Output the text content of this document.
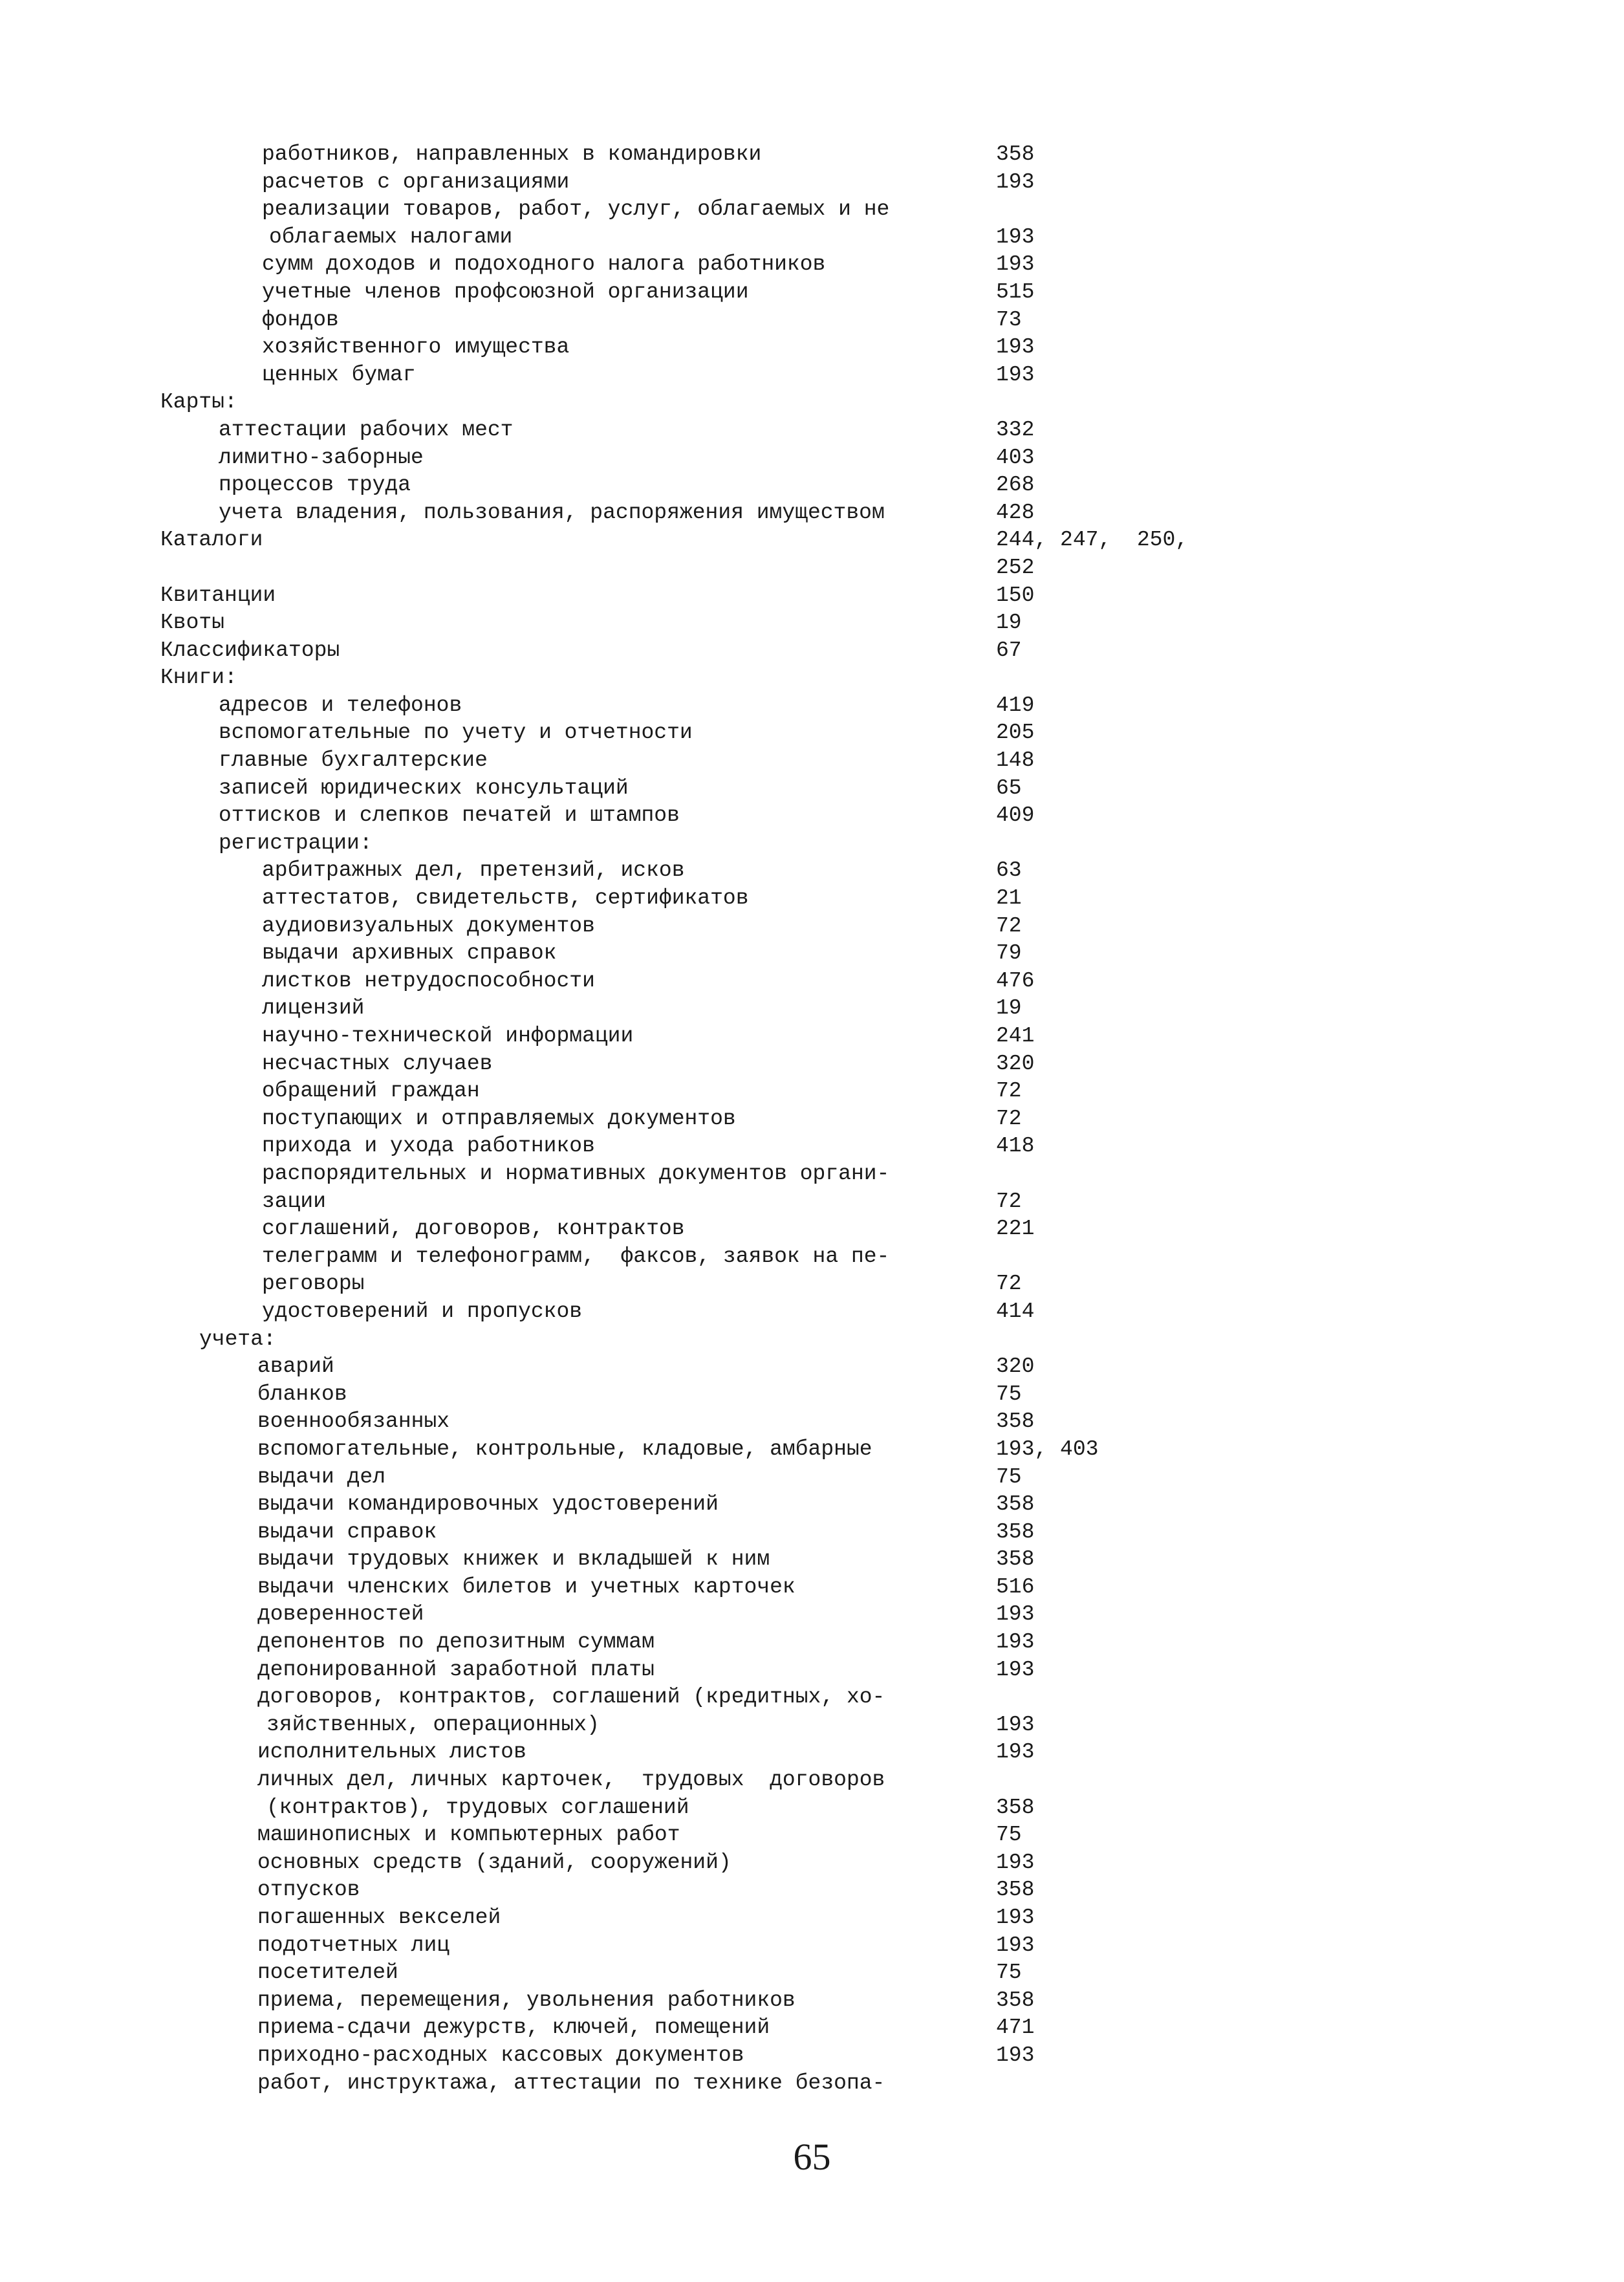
работников, направленных в командировки	358
расчетов с организациями	193
реализации товаров, работ, услуг, облагаемых и не
облагаемых налогами	193
сумм доходов и подоходного налога работников	193
учетные членов профсоюзной организации	515
фондов	73
хозяйственного имущества	193
ценных бумаг	193
Карты:
аттестации рабочих мест	332
лимитно-заборные	403
процессов труда	268
учета владения, пользования, распоряжения имуществом	428
Каталоги	244, 247,  250,
252
Квитанции	150
Квоты	19
Классификаторы	67
Книги:
адресов и телефонов	419
вспомогательные по учету и отчетности	205
главные бухгалтерские	148
записей юридических консультаций	65
оттисков и слепков печатей и штампов	409
регистрации:
арбитражных дел, претензий, исков	63
аттестатов, свидетельств, сертификатов	21
аудиовизуальных документов	72
выдачи архивных справок	79
листков нетрудоспособности	476
лицензий	19
научно-технической информации	241
несчастных случаев	320
обращений граждан	72
поступающих и отправляемых документов	72
прихода и ухода работников	418
распорядительных и нормативных документов органи-
зации	72
соглашений, договоров, контрактов	221
телеграмм и телефонограмм,  факсов, заявок на пе-
реговоры	72
удостоверений и пропусков	414
учета:
аварий	320
бланков	75
военнообязанных	358
вспомогательные, контрольные, кладовые, амбарные	193, 403
выдачи дел	75
выдачи командировочных удостоверений	358
выдачи справок	358
выдачи трудовых книжек и вкладышей к ним	358
выдачи членских билетов и учетных карточек	516
доверенностей	193
депонентов по депозитным суммам	193
депонированной заработной платы	193
договоров, контрактов, соглашений (кредитных, хо-
зяйственных, операционных)	193
исполнительных листов	193
личных дел, личных карточек,  трудовых  договоров
(контрактов), трудовых соглашений	358
машинописных и компьютерных работ	75
основных средств (зданий, сооружений)	193
отпусков	358
погашенных векселей	193
подотчетных лиц	193
посетителей	75
приема, перемещения, увольнения работников	358
приема-сдачи дежурств, ключей, помещений	471
приходно-расходных кассовых документов	193
работ, инструктажа, аттестации по технике безопа-
65
